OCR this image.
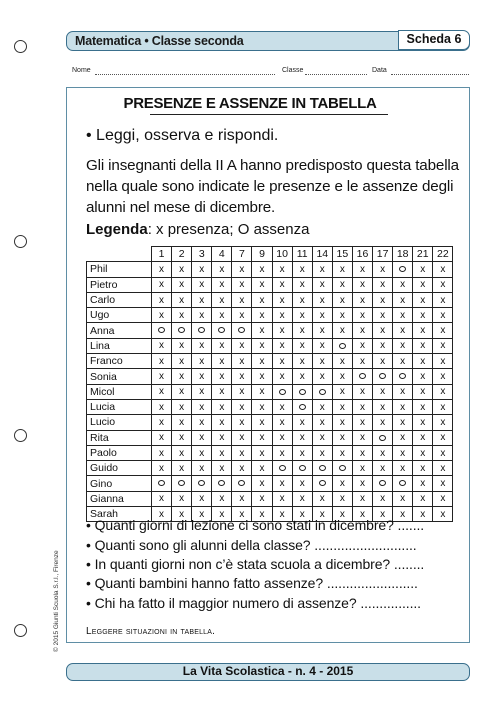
Matematica • Classe seconda	Scheda 6
Nome	Classe	Data
PRESENZE E ASSENZE IN TABELLA
• Leggi, osserva e rispondi.
Gli insegnanti della II A hanno predisposto questa tabella nella quale sono indicate le presenze e le assenze degli alunni nel mese di dicembre.
Legenda: x presenza; O assenza
	1	2	3	4	7	9	10	11	14	15	16	17	18	21	22
Phil	x	x	x	x	x	x	x	x	x	x	x	x		x	x
Pietro	x	x	x	x	x	x	x	x	x	x	x	x	x	x	x
Carlo	x	x	x	x	x	x	x	x	x	x	x	x	x	x	x
Ugo	x	x	x	x	x	x	x	x	x	x	x	x	x	x	x
Anna						x	x	x	x	x	x	x	x	x	x
Lina	x	x	x	x	x	x	x	x	x		x	x	x	x	x
Franco	x	x	x	x	x	x	x	x	x	x	x	x	x	x	x
Sonia	x	x	x	x	x	x	x	x	x	x				x	x
Micol	x	x	x	x	x	x				x	x	x	x	x	x
Lucia	x	x	x	x	x	x	x		x	x	x	x	x	x	x
Lucio	x	x	x	x	x	x	x	x	x	x	x	x	x	x	x
Rita	x	x	x	x	x	x	x	x	x	x	x		x	x	x
Paolo	x	x	x	x	x	x	x	x	x	x	x	x	x	x	x
Guido	x	x	x	x	x	x					x	x	x	x	x
Gino						x	x	x		x	x			x	x
Gianna	x	x	x	x	x	x	x	x	x	x	x	x	x	x	x
Sarah	x	x	x	x	x	x	x	x	x	x	x	x	x	x	x
• Quanti giorni di lezione ci sono stati in dicembre? .......
• Quanti sono gli alunni della classe? ...........................
• In quanti giorni non c’è stata scuola a dicembre? ........
• Quanti bambini hanno fatto assenze? ........................
• Chi ha fatto il maggior numero di assenze? ................
Leggere situazioni in tabella.
© 2015 Giunti Scuola S.r.l., Firenze
La Vita Scolastica - n. 4 - 2015
